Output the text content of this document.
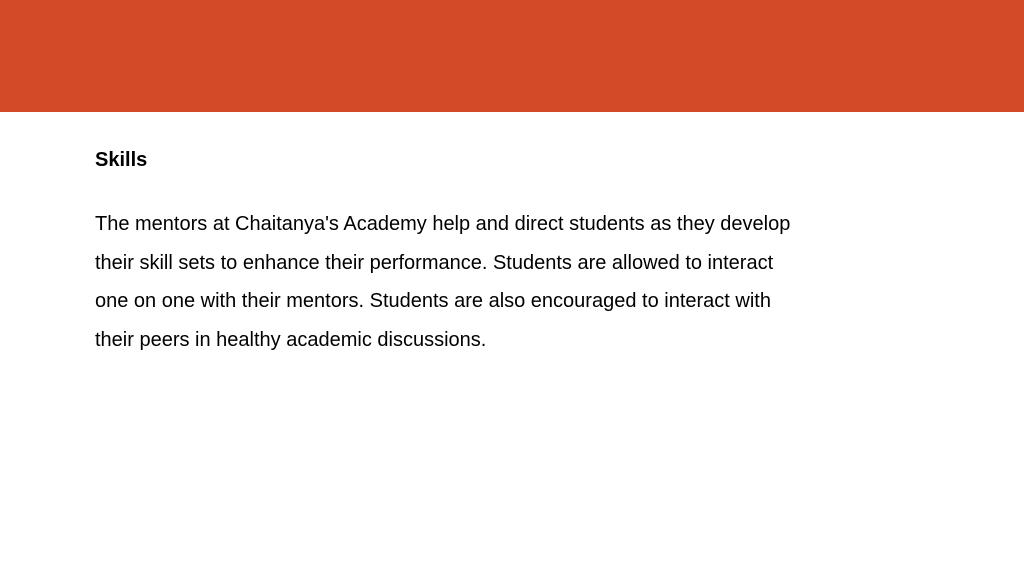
Skills
The mentors at Chaitanya's Academy help and direct students as they develop
their skill sets to enhance their performance. Students are allowed to interact
one on one with their mentors. Students are also encouraged to interact with
their peers in healthy academic discussions.
